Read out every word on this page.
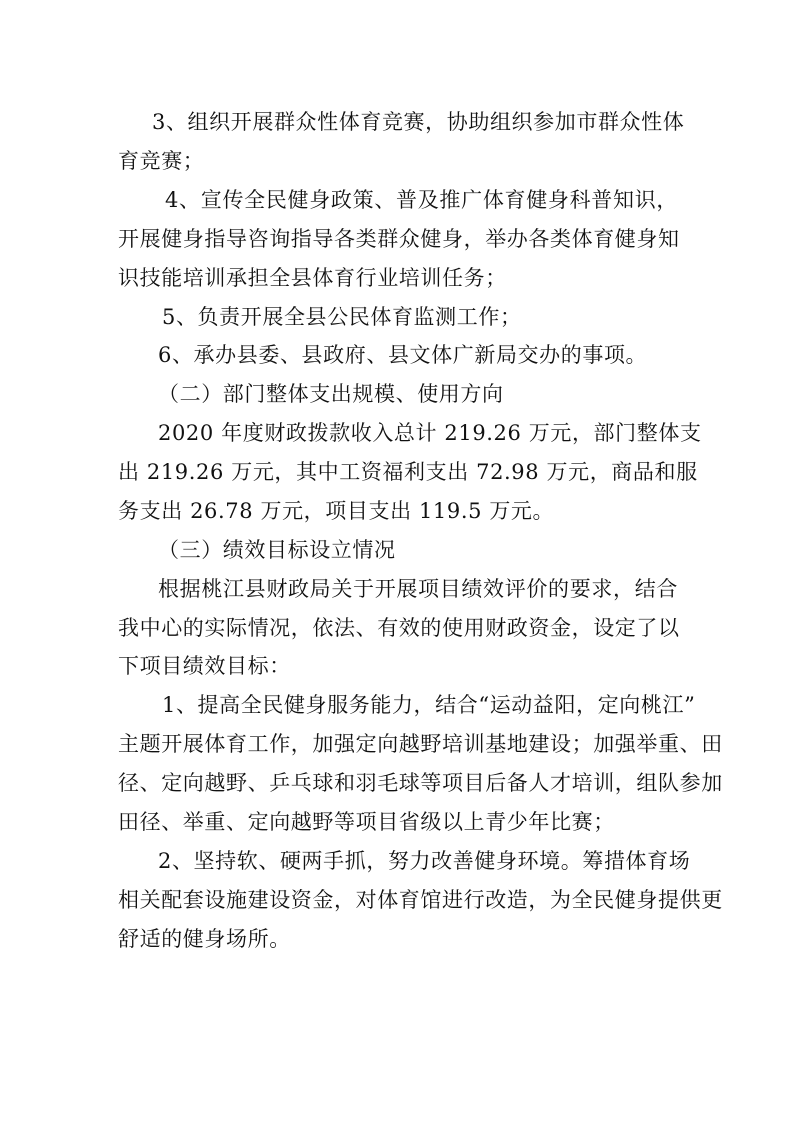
3、组织开展群众性体育竞赛，协助组织参加市群众性体
育竞赛；
4、宣传全民健身政策、普及推广体育健身科普知识，
开展健身指导咨询指导各类群众健身，举办各类体育健身知
识技能培训承担全县体育行业培训任务；
5、负责开展全县公民体育监测工作；
6、承办县委、县政府、县文体广新局交办的事项。
（二）部门整体支出规模、使用方向
2020 年度财政拨款收入总计 219.26 万元，部门整体支
出 219.26 万元，其中工资福利支出 72.98 万元，商品和服
务支出 26.78 万元，项目支出 119.5 万元。
（三）绩效目标设立情况
根据桃江县财政局关于开展项目绩效评价的要求，结合
我中心的实际情况，依法、有效的使用财政资金，设定了以
下项目绩效目标：
1、提高全民健身服务能力，结合“运动益阳，定向桃江”
主题开展体育工作，加强定向越野培训基地建设；加强举重、田
径、定向越野、乒乓球和羽毛球等项目后备人才培训，组队参加
田径、举重、定向越野等项目省级以上青少年比赛；
2、坚持软、硬两手抓，努力改善健身环境。筹措体育场
相关配套设施建设资金，对体育馆进行改造，为全民健身提供更
舒适的健身场所。
